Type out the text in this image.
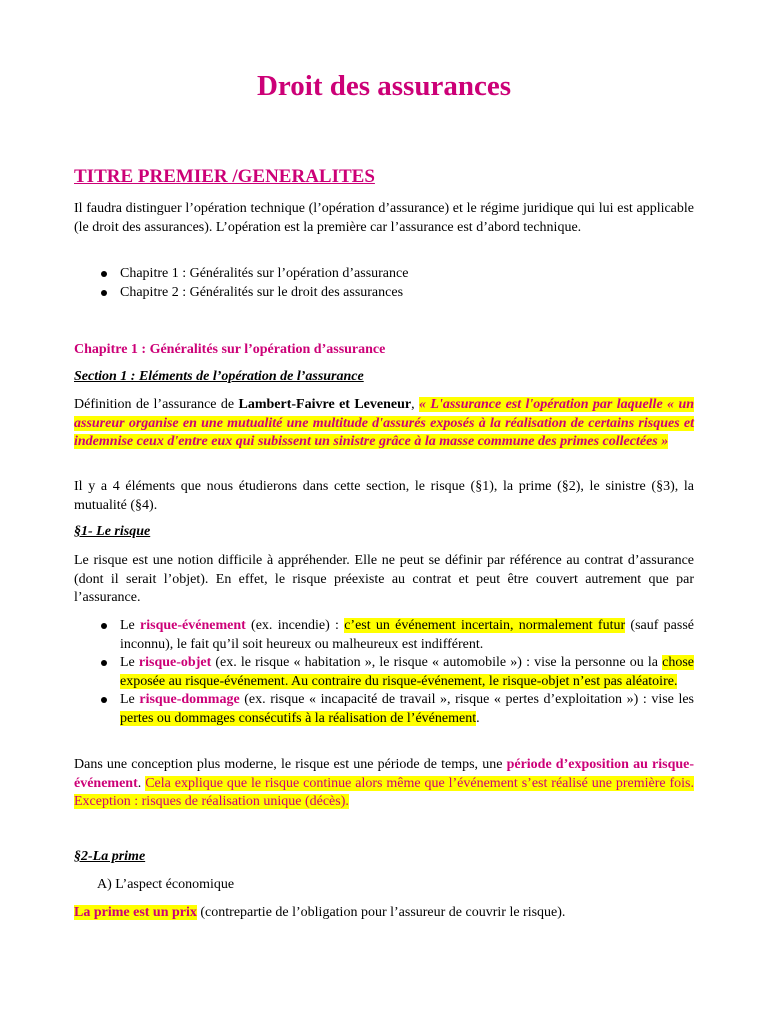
Droit des assurances
TITRE PREMIER /GENERALITES

Il faudra distinguer l’opération technique (l’opération d’assurance) et le régime juridique qui lui est applicable (le droit des assurances). L’opération est la première car l’assurance est d’abord technique.

Chapitre 1 : Généralités sur l’opération d’assurance
Chapitre 2 : Généralités sur le droit des assurances
Chapitre 1 : Généralités sur l’opération d’assurance
Section 1 : Eléments de l’opération de l’assurance

Définition de l’assurance de Lambert-Faivre et Leveneur, « L'assurance est l'opération par laquelle « un assureur organise en une mutualité une multitude d'assurés exposés à la réalisation de certains risques et indemnise ceux d'entre eux qui subissent un sinistre grâce à la masse commune des primes collectées »

Il y a 4 éléments que nous étudierons dans cette section, le risque (§1), la prime (§2), le sinistre (§3), la mutualité (§4).

§1- Le risque

Le risque est une notion difficile à appréhender. Elle ne peut se définir par référence au contrat d’assurance (dont il serait l’objet). En effet, le risque préexiste au contrat et peut être couvert autrement que par l’assurance.

Le risque-événement (ex. incendie) : c’est un événement incertain, normalement futur (sauf passé inconnu), le fait qu’il soit heureux ou malheureux est indifférent.
Le risque-objet (ex. le risque « habitation », le risque « automobile ») : vise la personne ou la chose exposée au risque-événement. Au contraire du risque-événement, le risque-objet n’est pas aléatoire.
Le risque-dommage (ex. risque « incapacité de travail », risque « pertes d’exploitation ») : vise les pertes ou dommages consécutifs à la réalisation de l’événement.

Dans une conception plus moderne, le risque est une période de temps, une période d’exposition au risque-événement. Cela explique que le risque continue alors même que l’événement s’est réalisé une première fois. Exception : risques de réalisation unique (décès).

§2-La prime

A) L’aspect économique

La prime est un prix (contrepartie de l’obligation pour l’assureur de couvrir le risque).
